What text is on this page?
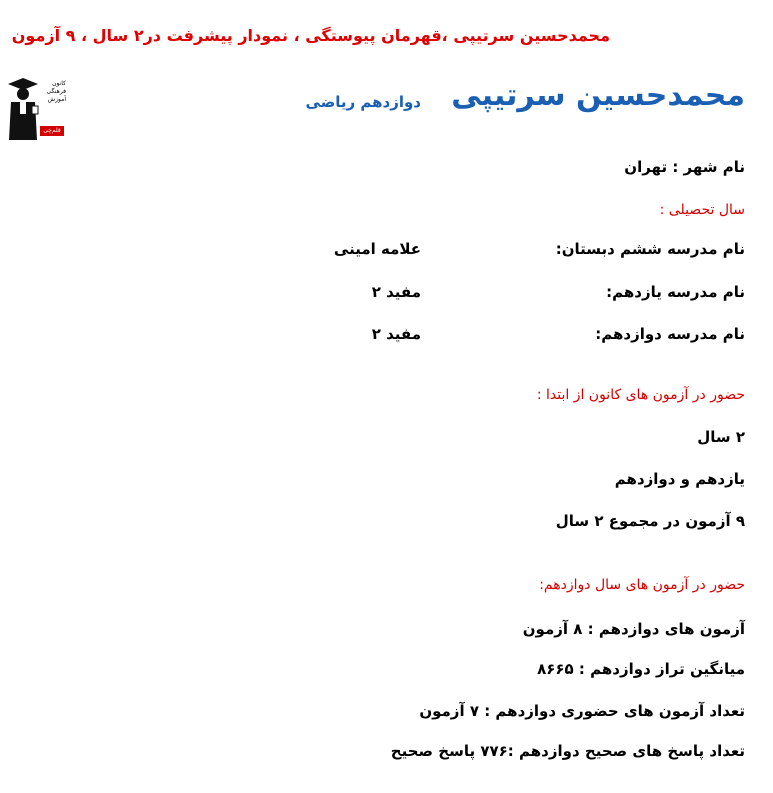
محمدحسین سرتیپی ،قهرمان پیوستگی ، نمودار پیشرفت در۲ سال ، ۹ آزمون
کانون
فرهنگی
آموزش
قلم‌چی
محمدحسین سرتیپی
دوازدهم ریاضی
نام شهر : تهران
سال تحصیلی :
نام مدرسه ششم دبستان:
علامه امینی
نام مدرسه یازدهم:
مفید ۲
نام مدرسه دوازدهم:
مفید ۲
حضور در آزمون های کانون از ابتدا :
۲ سال
یازدهم و دوازدهم
۹ آزمون در مجموع ۲ سال
حضور در آزمون های سال دوازدهم:
آزمون های دوازدهم : ۸ آزمون
میانگین تراز دوازدهم : ۸۶۶۵
تعداد آزمون های حضوری دوازدهم : ۷ آزمون
تعداد پاسخ های صحیح دوازدهم :۷۷۶ پاسخ صحیح
